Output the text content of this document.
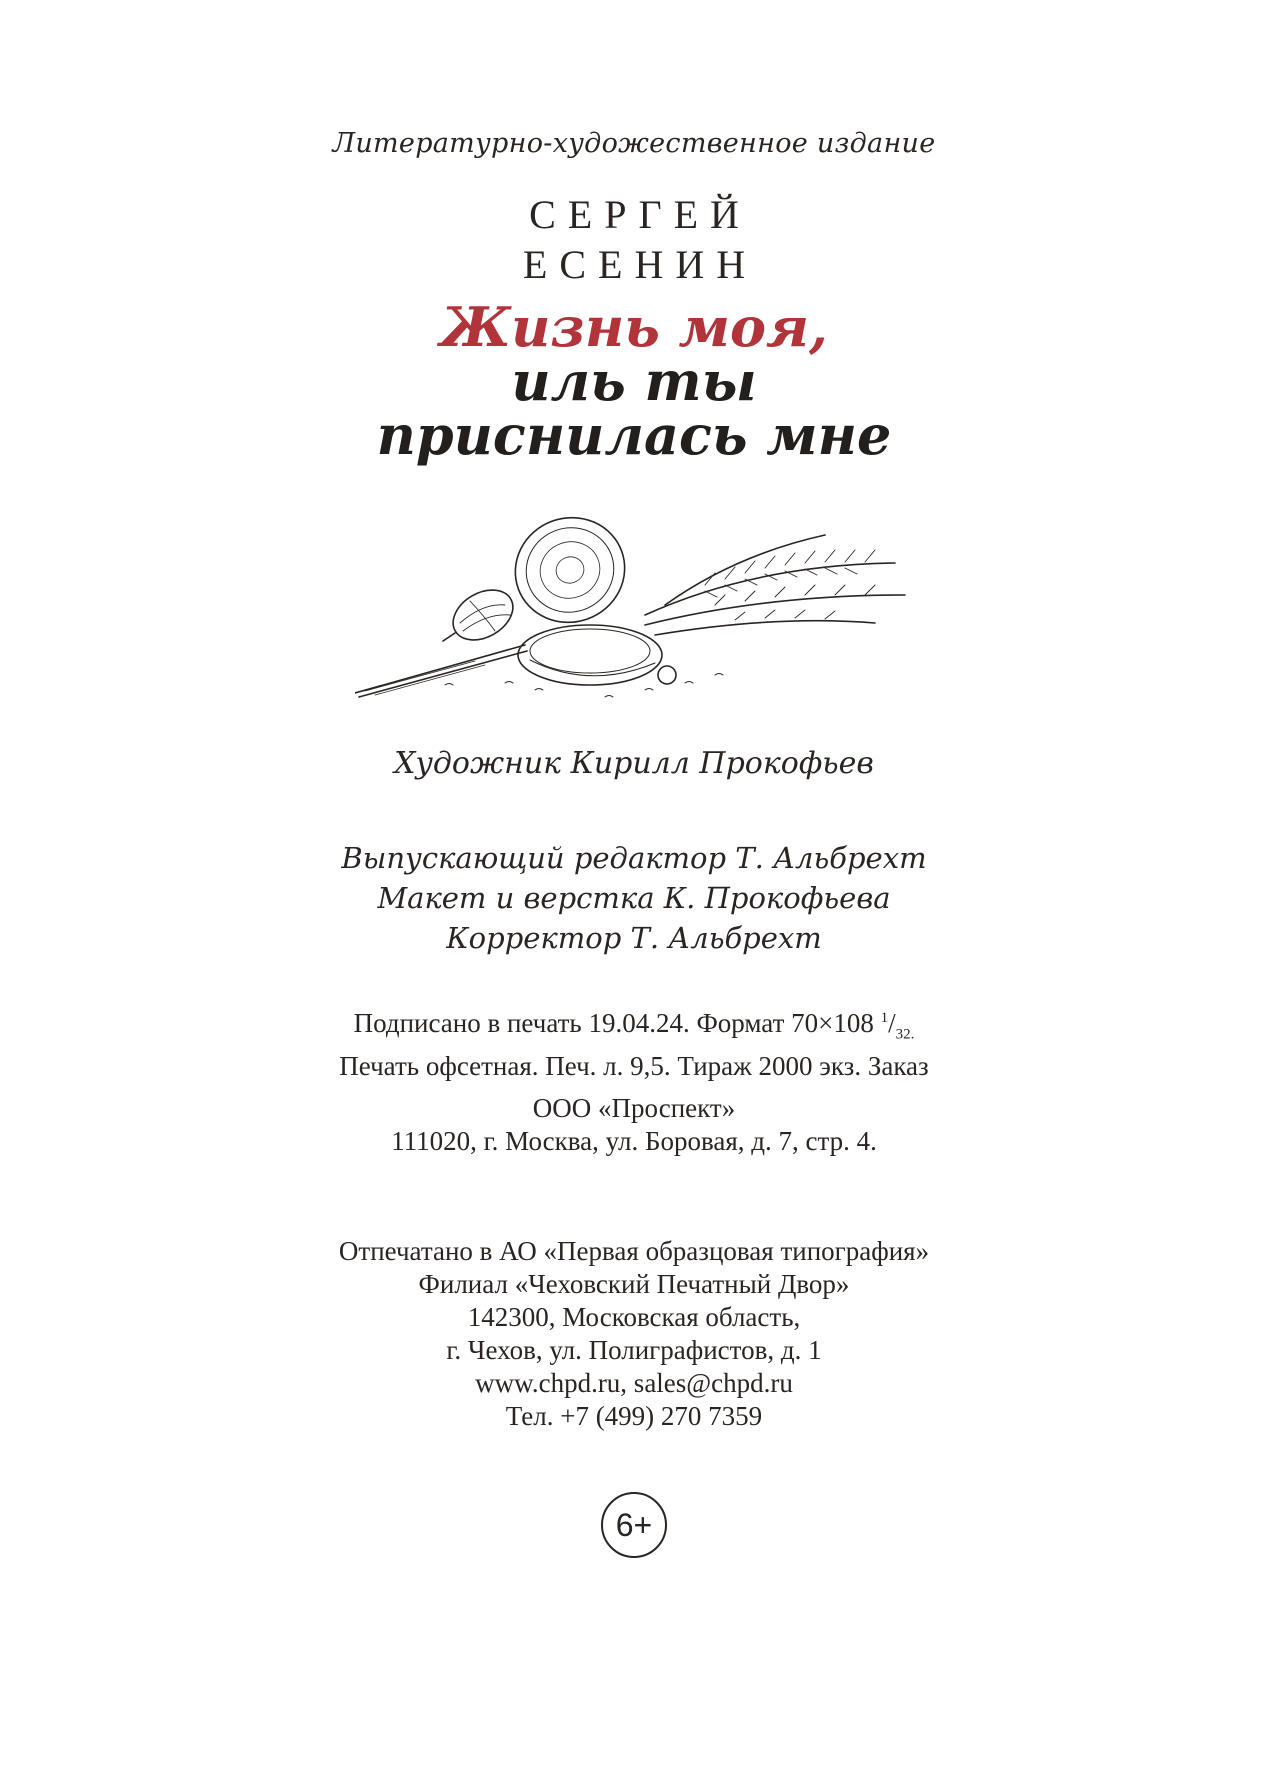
Литературно-художественное издание
СЕРГЕЙ
ЕСЕНИН
Жизнь моя,
иль ты
приснилась мне
Художник Кирилл Прокофьев
Выпускающий редактор Т. Альбрехт
Макет и верстка К. Прокофьева
Корректор Т. Альбрехт
Подписано в печать 19.04.24. Формат 70×108 $^1/_{32.}$
Печать офсетная. Печ. л. 9,5. Тираж 2000 экз. Заказ
ООО «Проспект»
111020, г. Москва, ул. Боровая, д. 7, стр. 4.
Отпечатано в АО «Первая образцовая типография»
Филиал «Чеховский Печатный Двор»
142300, Московская область,
г. Чехов, ул. Полиграфистов, д. 1
www.chpd.ru, sales@chpd.ru
Тел. +7 (499) 270 7359
6+
